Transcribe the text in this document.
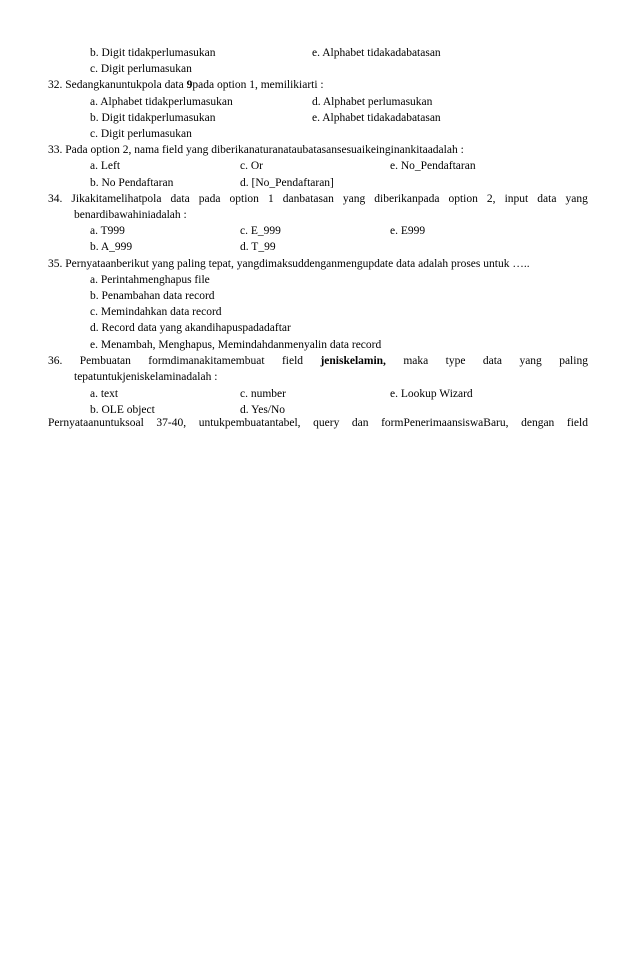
b. Digit tidakperlumasukan	e. Alphabet tidakadabatasan
c. Digit perlumasukan
32. Sedangkanuntukpola data 9pada option 1, memilikiarti :
a. Alphabet tidakperlumasukan	d. Alphabet perlumasukan
b. Digit tidakperlumasukan	e. Alphabet tidakadabatasan
c. Digit perlumasukan
33. Pada option 2, nama field yang diberikanaturanataubatasansesuaikeinginankitaadalah :
a. Left	c. Or	e. No_Pendaftaran
b. No Pendaftaran	d. [No_Pendaftaran]
34. Jikakitamelihatpola data pada option 1 danbatasan yang diberikanpada option 2, input data yang
benardibawahiniadalah :
a. T999	c. E_999	e. E999
b. A_999	d. T_99
35. Pernyataanberikut yang paling tepat, yangdimaksuddenganmengupdate data adalah proses untuk …..
a. Perintahmenghapus file
b. Penambahan data record
c. Memindahkan data record
d. Record data yang akandihapuspadadaftar
e. Menambah, Menghapus, Memindahdanmenyalin data record
36. Pembuatan formdimanakitamembuat field jeniskelamin, maka type data yang paling
tepatuntukjeniskelaminadalah :
a. text	c. number	e. Lookup Wizard
b. OLE object	d. Yes/No
Pernyataanuntuksoal 37-40, untukpembuatantabel, query dan formPenerimaansiswaBaru, dengan field
